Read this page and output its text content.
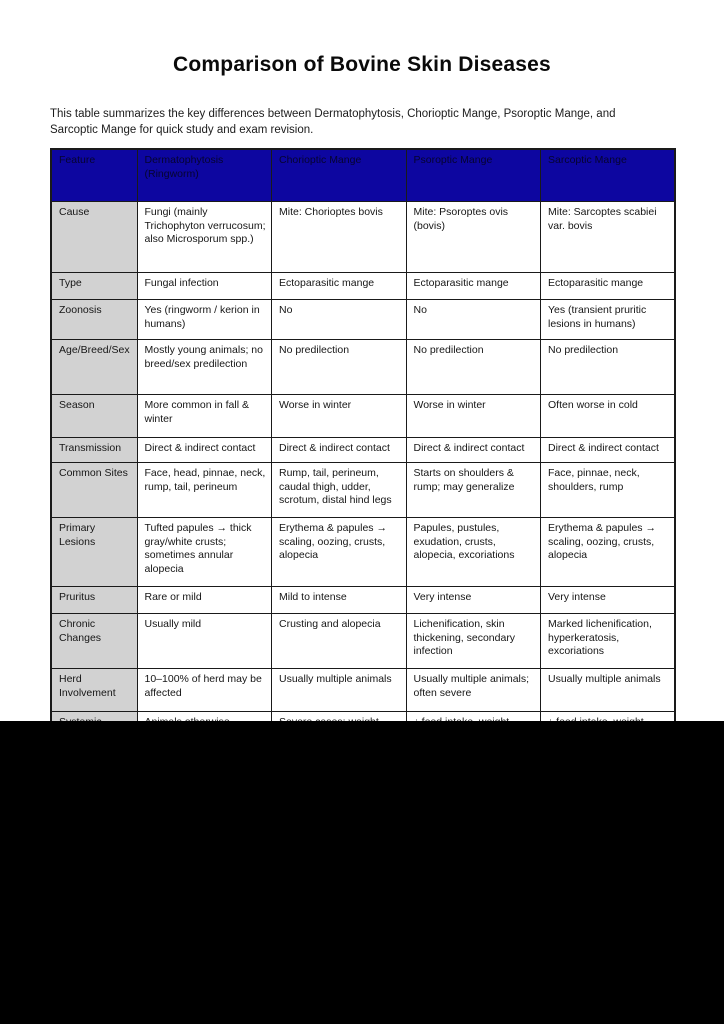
Comparison of Bovine Skin Diseases
This table summarizes the key differences between Dermatophytosis, Chorioptic Mange, Psoroptic Mange, and Sarcoptic Mange for quick study and exam revision.
Feature	Dermatophytosis (Ringworm)	Chorioptic Mange	Psoroptic Mange	Sarcoptic Mange
Cause	Fungi (mainly Trichophyton verrucosum; also Microsporum spp.)	Mite: Chorioptes bovis	Mite: Psoroptes ovis (bovis)	Mite: Sarcoptes scabiei var. bovis
Type	Fungal infection	Ectoparasitic mange	Ectoparasitic mange	Ectoparasitic mange
Zoonosis	Yes (ringworm / kerion in humans)	No	No	Yes (transient pruritic lesions in humans)
Age/Breed/Sex	Mostly young animals; no breed/sex predilection	No predilection	No predilection	No predilection
Season	More common in fall & winter	Worse in winter	Worse in winter	Often worse in cold
Transmission	Direct & indirect contact	Direct & indirect contact	Direct & indirect contact	Direct & indirect contact
Common Sites	Face, head, pinnae, neck, rump, tail, perineum	Rump, tail, perineum, caudal thigh, udder, scrotum, distal hind legs	Starts on shoulders & rump; may generalize	Face, pinnae, neck, shoulders, rump
Primary Lesions	Tufted papules → thick gray/white crusts; sometimes annular alopecia	Erythema & papules → scaling, oozing, crusts, alopecia	Papules, pustules, exudation, crusts, alopecia, excoriations	Erythema & papules → scaling, oozing, crusts, alopecia
Pruritus	Rare or mild	Mild to intense	Very intense	Very intense
Chronic Changes	Usually mild	Crusting and alopecia	Lichenification, skin thickening, secondary infection	Marked lichenification, hyperkeratosis, excoriations
Herd Involvement	10–100% of herd may be affected	Usually multiple animals	Usually multiple animals; often severe	Usually multiple animals
